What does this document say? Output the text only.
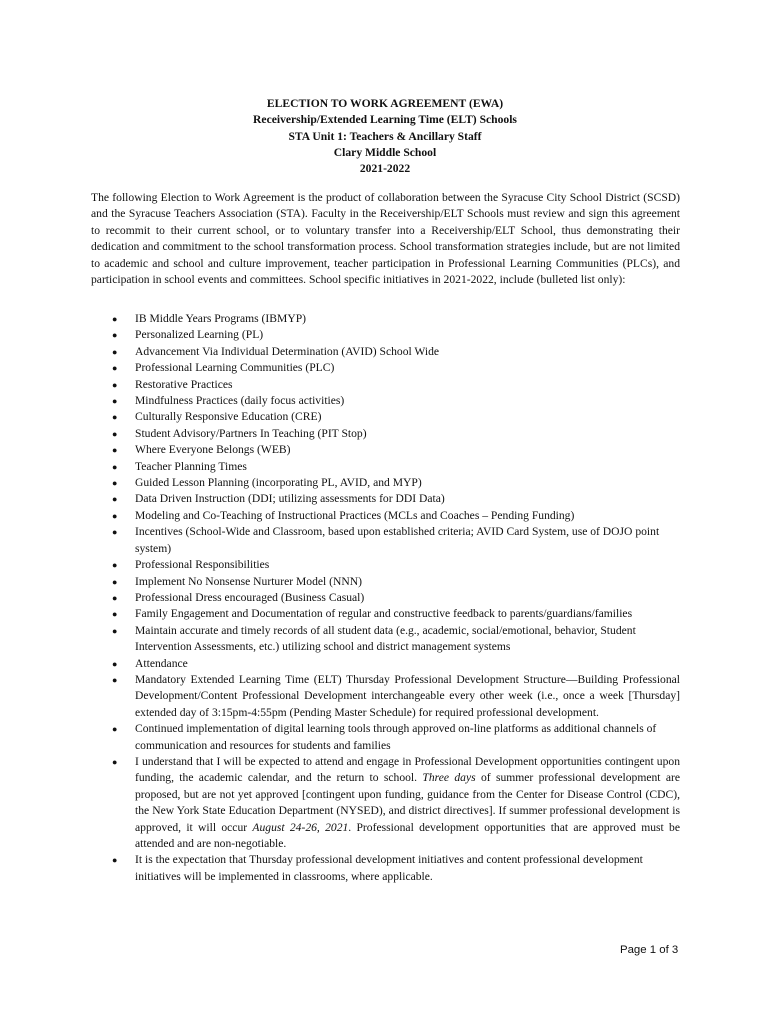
ELECTION TO WORK AGREEMENT (EWA)
Receivership/Extended Learning Time (ELT) Schools
STA Unit 1: Teachers & Ancillary Staff
Clary Middle School
2021-2022

The following Election to Work Agreement is the product of collaboration between the Syracuse City School District (SCSD) and the Syracuse Teachers Association (STA). Faculty in the Receivership/ELT Schools must review and sign this agreement to recommit to their current school, or to voluntary transfer into a Receivership/ELT School, thus demonstrating their dedication and commitment to the school transformation process. School transformation strategies include, but are not limited to academic and school and culture improvement, teacher participation in Professional Learning Communities (PLCs), and participation in school events and committees. School specific initiatives in 2021-2022, include (bulleted list only):

● IB Middle Years Programs (IBMYP)
● Personalized Learning (PL)
● Advancement Via Individual Determination (AVID) School Wide
● Professional Learning Communities (PLC)
● Restorative Practices
● Mindfulness Practices (daily focus activities)
● Culturally Responsive Education (CRE)
● Student Advisory/Partners In Teaching (PIT Stop)
● Where Everyone Belongs (WEB)
● Teacher Planning Times
● Guided Lesson Planning (incorporating PL, AVID, and MYP)
● Data Driven Instruction (DDI; utilizing assessments for DDI Data)
● Modeling and Co-Teaching of Instructional Practices (MCLs and Coaches – Pending Funding)
● Incentives (School-Wide and Classroom, based upon established criteria; AVID Card System, use of DOJO point system)
● Professional Responsibilities
● Implement No Nonsense Nurturer Model (NNN)
● Professional Dress encouraged (Business Casual)
● Family Engagement and Documentation of regular and constructive feedback to parents/guardians/families
● Maintain accurate and timely records of all student data (e.g., academic, social/emotional, behavior, Student Intervention Assessments, etc.) utilizing school and district management systems
● Attendance
● Mandatory Extended Learning Time (ELT) Thursday Professional Development Structure—Building Professional Development/Content Professional Development interchangeable every other week (i.e., once a week [Thursday] extended day of 3:15pm-4:55pm (Pending Master Schedule) for required professional development.
● Continued implementation of digital learning tools through approved on-line platforms as additional channels of communication and resources for students and families
● I understand that I will be expected to attend and engage in Professional Development opportunities contingent upon funding, the academic calendar, and the return to school. Three days of summer professional development are proposed, but are not yet approved [contingent upon funding, guidance from the Center for Disease Control (CDC), the New York State Education Department (NYSED), and district directives]. If summer professional development is approved, it will occur August 24-26, 2021. Professional development opportunities that are approved must be attended and are non-negotiable.
● It is the expectation that Thursday professional development initiatives and content professional development initiatives will be implemented in classrooms, where applicable.
Page 1 of 3
